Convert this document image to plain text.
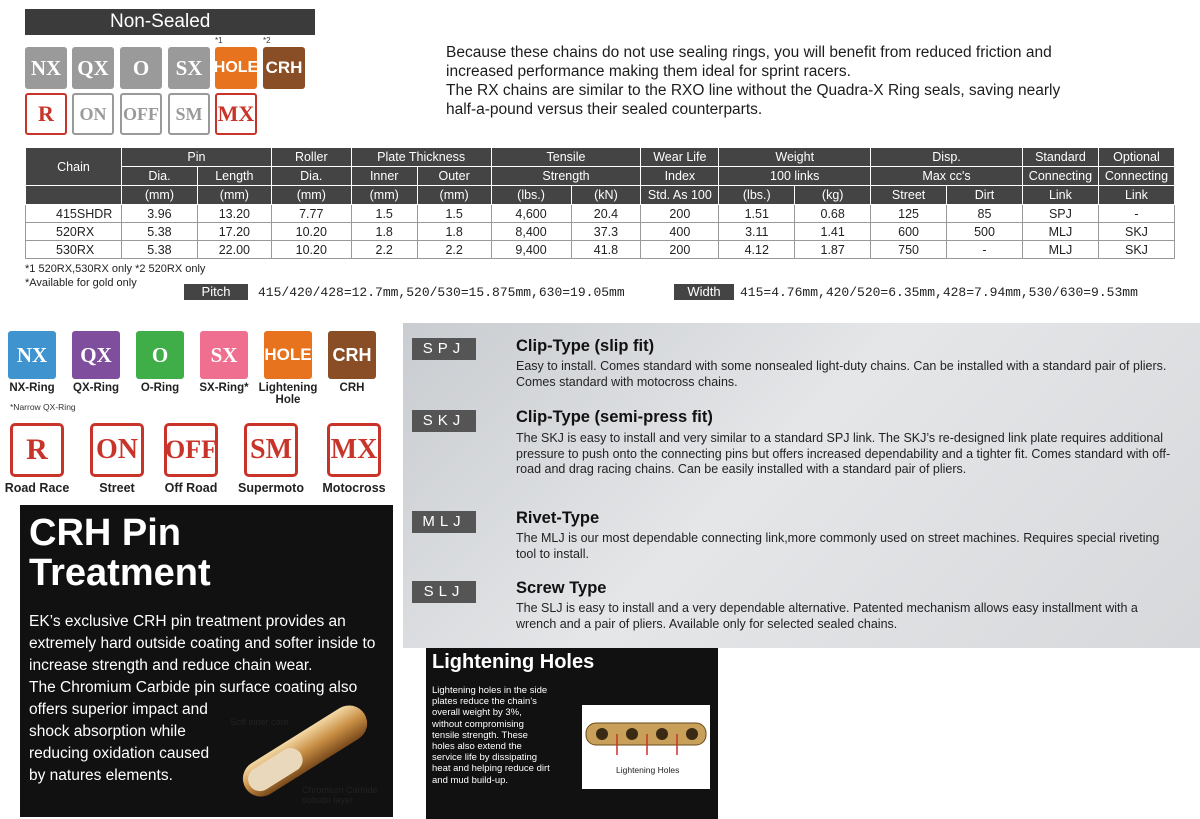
Non-Sealed
NX QX	O	SX HOLE CRH
*1	*2
R	ON OFF SM MX
Because these chains do not use sealing rings, you will benefit from reduced friction and
increased performance making them ideal for sprint racers.
The RX chains are similar to the RXO line without the Quadra-X Ring seals, saving nearly
half-a-pound versus their sealed counterparts.
Chain	Pin		Roller	Plate Thickness		Tensile		Wear Life	Weight		Disp.		Standard	Optional
	Dia.	Length	Dia.	Inner	Outer	Strength		Index	100 links		Max cc's		Connecting	Connecting
	(mm)	(mm)	(mm)	(mm)	(mm)	(lbs.)	(kN)	Std. As 100	(lbs.)	(kg)	Street	Dirt	Link	Link
415SHDR	3.96	13.20	7.77	1.5	1.5	4,600	20.4	200	1.51	0.68	125	85	SPJ	-
520RX	5.38	17.20	10.20	1.8	1.8	8,400	37.3	400	3.11	1.41	600	500	MLJ	SKJ
530RX	5.38	22.00	10.20	2.2	2.2	9,400	41.8	200	4.12	1.87	750	-	MLJ	SKJ
*1 520RX,530RX only *2 520RX only
*Available for gold only
Pitch	415/420/428=12.7mm,520/530=15.875mm,630=19.05mm	Width	415=4.76mm,420/520=6.35mm,428=7.94mm,530/630=9.53mm
NX	QX	O	SX	HOLE CRH
NX-Ring	QX-Ring	O-Ring	SX-Ring* Lightening
Hole
CRH
*Narrow QX-Ring
R	ON OFF SM MX
Road Race	Street	Off Road	Supermoto	Motocross
CRH Pin
Treatment
EK’s exclusive CRH pin treatment provides an
extremely hard outside coating and softer inside to
increase strength and reduce chain wear.
The Chromium Carbide pin surface coating also
offers superior impact and
shock absorption while
reducing oxidation caused
by natures elements.
Soft inner core
Chromium Carbide
outside layer
SPJ	Clip-Type (slip fit)
Easy to install. Comes standard with some nonsealed light-duty chains. Can be installed with a standard pair of pliers. Comes standard with motocross chains.
SKJ	Clip-Type (semi-press fit)
The SKJ is easy to install and very similar to a standard SPJ link. The SKJ’s re-designed link plate requires additional pressure to push onto the connecting pins but offers increased dependability and a tighter fit. Comes standard with off-road and drag racing chains. Can be easily installed with a standard pair of pliers.
MLJ	Rivet-Type
The MLJ is our most dependable connecting link,more commonly used on street machines. Requires special riveting tool to install.
SLJ	Screw Type
The SLJ is easy to install and a very dependable alternative. Patented mechanism allows easy installment with a wrench and a pair of pliers. Available only for selected sealed chains.
Lightening Holes
Lightening holes in the side
plates reduce the chain’s
overall weight by 3%,
without compromising
tensile strength. These
holes also extend the
service life by dissipating
heat and helping reduce dirt
and mud build-up.
Lightening Holes
